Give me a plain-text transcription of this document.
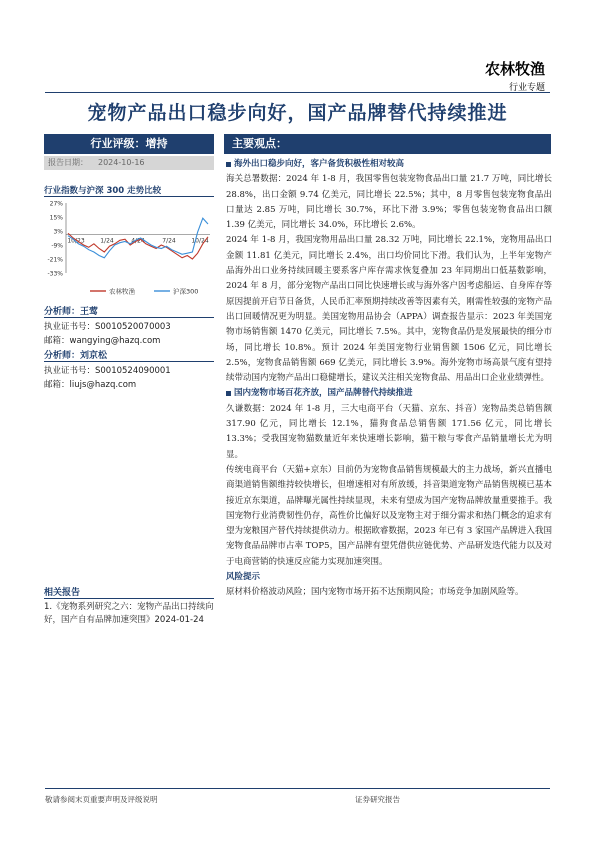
农林牧渔
行业专题
宠物产品出口稳步向好，国产品牌替代持续推进
行业评级：增持
报告日期： 2024-10-16
行业指数与沪深 300 走势比较
27%
15%
3%
-9%
-21%
-33%
10/23	1/24	4/24	7/24	10/24
农林牧渔	沪深300
分析师：王莺
执业证书号：S0010520070003
邮箱：wangying@hazq.com
分析师：刘京松
执业证书号：S0010524090001
邮箱：liujs@hazq.com
相关报告
1.《宠物系列研究之六：宠物产品出口持续向好，国产自有品牌加速突围》2024-01-24
主要观点：
海外出口稳步向好，客户备货积极性相对较高

海关总署数据：2024 年 1-8 月，我国零售包装宠物食品出口量 21.7 万吨，同比增长 28.8%，出口金额 9.74 亿美元，同比增长 22.5%；其中，8 月零售包装宠物食品出口量达 2.85 万吨，同比增长 30.7%，环比下滑 3.9%；零售包装宠物食品出口额 1.39 亿美元，同比增长 34.0%，环比增长 2.6%。

2024 年 1-8 月，我国宠物用品出口量 28.32 万吨，同比增长 22.1%，宠物用品出口金额 11.81 亿美元，同比增长 2.4%，出口均价同比下滑。我们认为，上半年宠物产品海外出口业务持续回暖主要系客户库存需求恢复叠加 23 年同期出口低基数影响，2024 年 8 月，部分宠物产品出口同比快速增长或与海外客户因考虑船运、自身库存等原因提前开启节日备货，人民币汇率预期持续改善等因素有关，刚需性较强的宠物产品出口回暖情况更为明显。美国宠物用品协会（APPA）调查报告显示：2023 年美国宠物市场销售额 1470 亿美元，同比增长 7.5%。其中，宠物食品仍是发展最快的细分市场，同比增长 10.8%。预计 2024 年美国宠物行业销售额 1506 亿元，同比增长 2.5%，宠物食品销售额 669 亿美元，同比增长 3.9%。海外宠物市场高景气度有望持续带动国内宠物产品出口稳健增长，建议关注相关宠物食品、用品出口企业业绩弹性。

国内宠物市场百花齐放，国产品牌替代持续推进

久谦数据：2024 年 1-8 月，三大电商平台（天猫、京东、抖音）宠物品类总销售额 317.90 亿元，同比增长 12.1%，猫狗食品总销售额 171.56 亿元，同比增长 13.3%；受我国宠物猫数量近年来快速增长影响，猫干粮与零食产品销量增长尤为明显。

传统电商平台（天猫+京东）目前仍为宠物食品销售规模最大的主力战场，新兴直播电商渠道销售额维持较快增长，但增速相对有所放缓，抖音渠道宠物产品销售规模已基本接近京东渠道，品牌曝光属性持续显现，未来有望成为国产宠物品牌放量重要推手。我国宠物行业消费韧性仍存，高性价比偏好以及宠物主对于细分需求和热门概念的追求有望为宠粮国产替代持续提供动力。根据欧睿数据，2023 年已有 3 家国产品牌进入我国宠物食品品牌市占率 TOP5，国产品牌有望凭借供应链优势、产品研发迭代能力以及对于电商营销的快速反应能力实现加速突围。

风险提示

原材料价格波动风险；国内宠物市场开拓不达预期风险；市场竞争加剧风险等。

敬请参阅末页重要声明及评级说明	证券研究报告
